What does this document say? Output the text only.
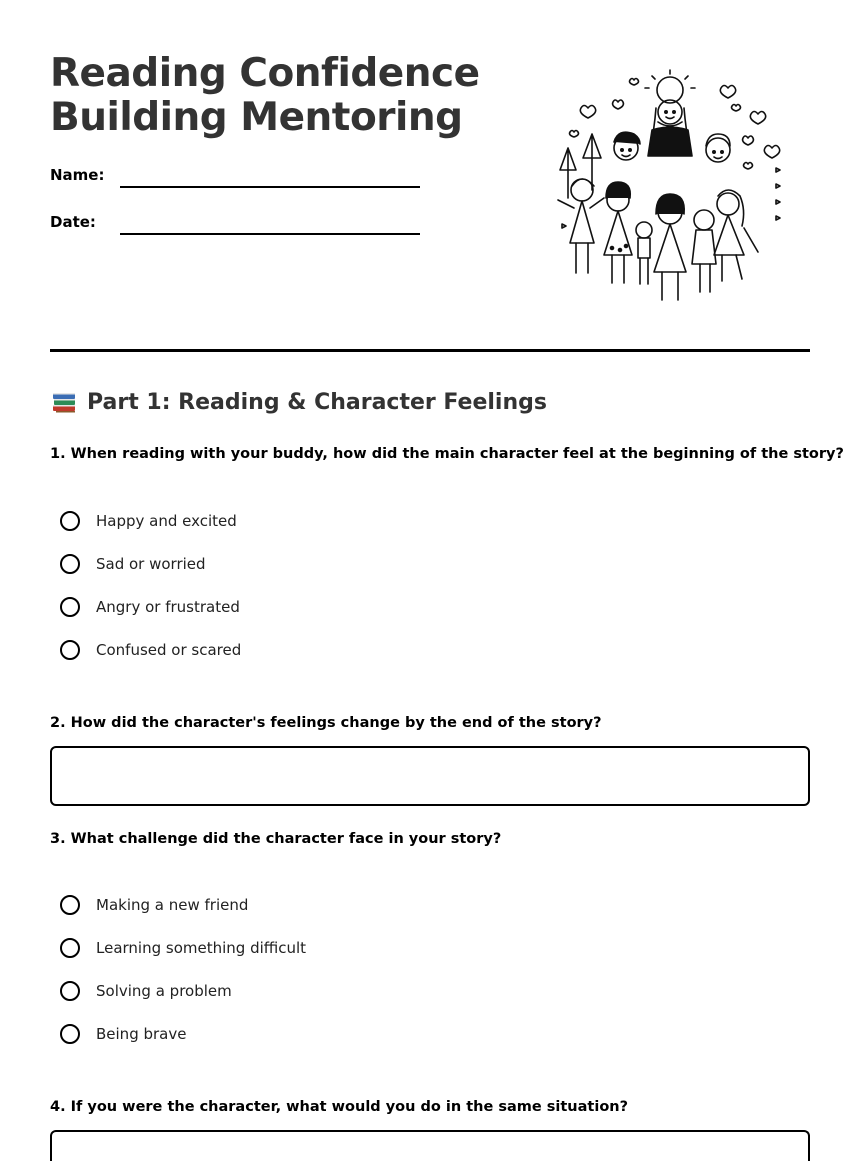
Reading Confidence
Building Mentoring
Name:
Date:
Part 1: Reading & Character Feelings

1. When reading with your buddy, how did the main character feel at the beginning of the story?

Happy and excited
Sad or worried
Angry or frustrated
Confused or scared

2. How did the character's feelings change by the end of the story?

3. What challenge did the character face in your story?

Making a new friend
Learning something difficult
Solving a problem
Being brave

4. If you were the character, what would you do in the same situation?
